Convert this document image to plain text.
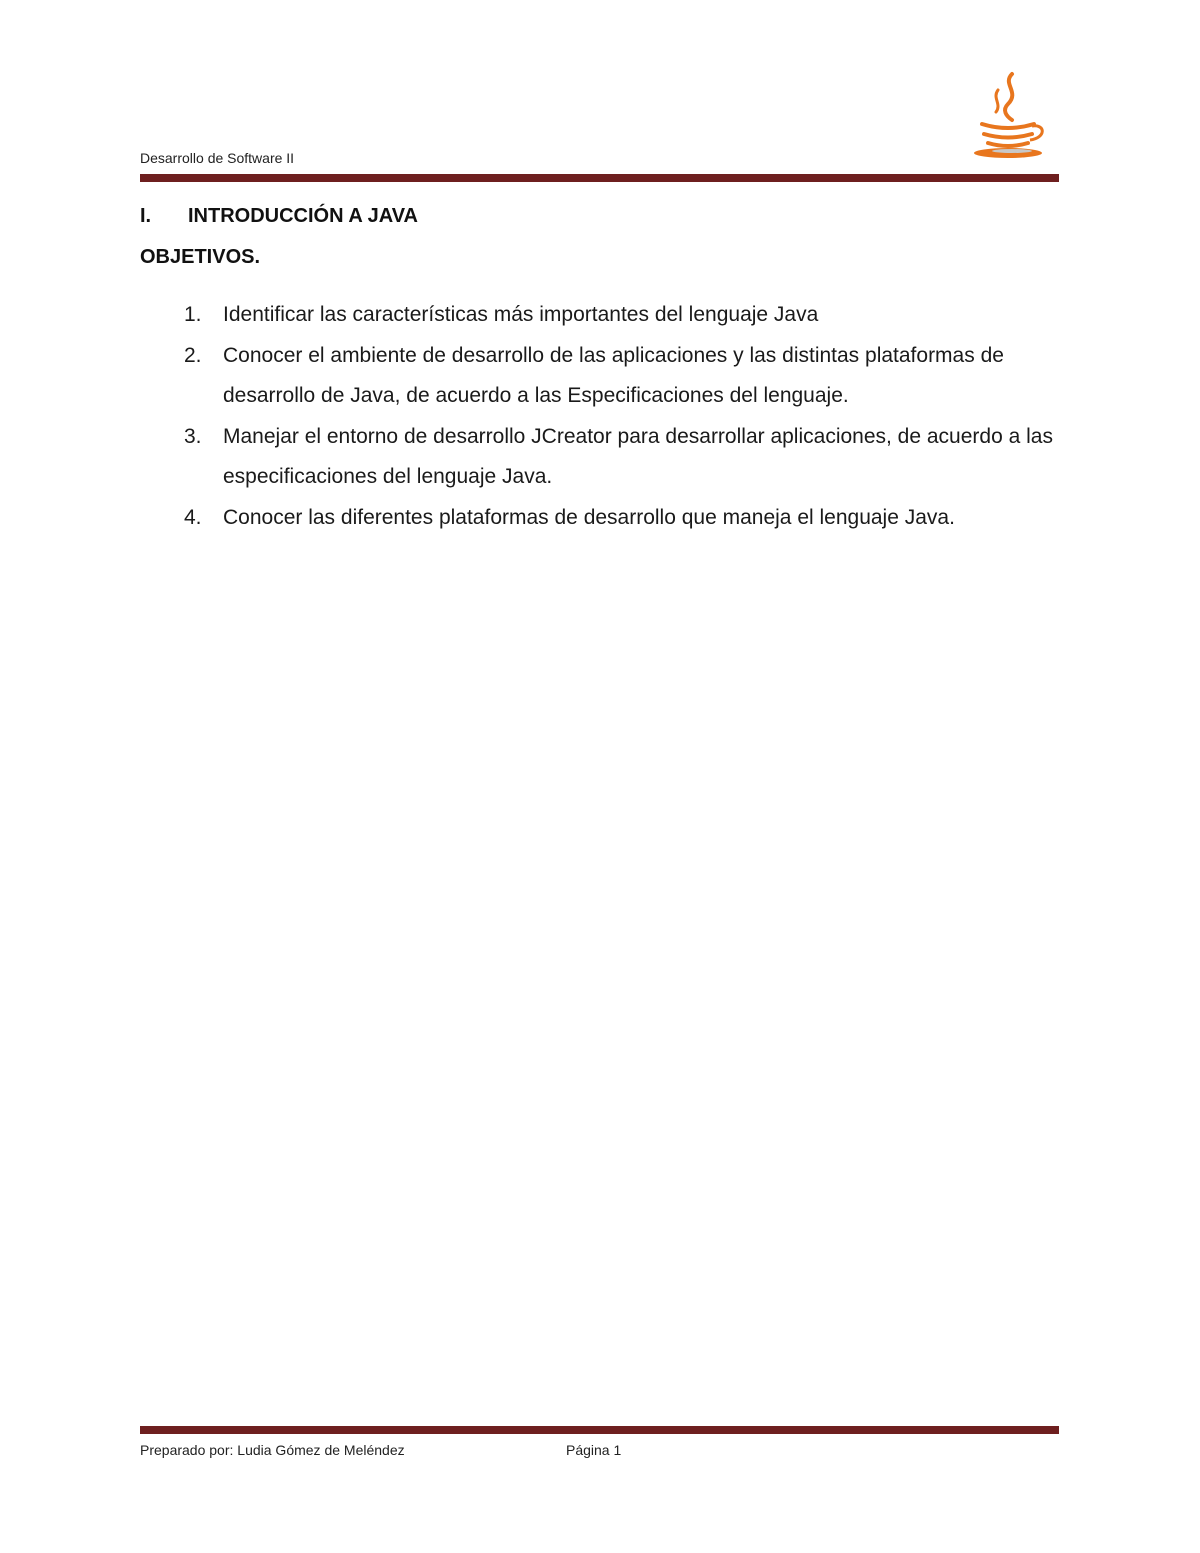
Desarrollo de Software II
I. INTRODUCCIÓN A JAVA
OBJETIVOS.
1. Identificar las características más importantes del lenguaje Java
2. Conocer el ambiente de desarrollo de las aplicaciones y las distintas plataformas de desarrollo de Java, de acuerdo a las Especificaciones del lenguaje.
3. Manejar el entorno de desarrollo JCreator para desarrollar aplicaciones, de acuerdo a las especificaciones del lenguaje Java.
4. Conocer las diferentes plataformas de desarrollo que maneja el lenguaje Java.
Preparado por: Ludia Gómez de Meléndez	Página 1
